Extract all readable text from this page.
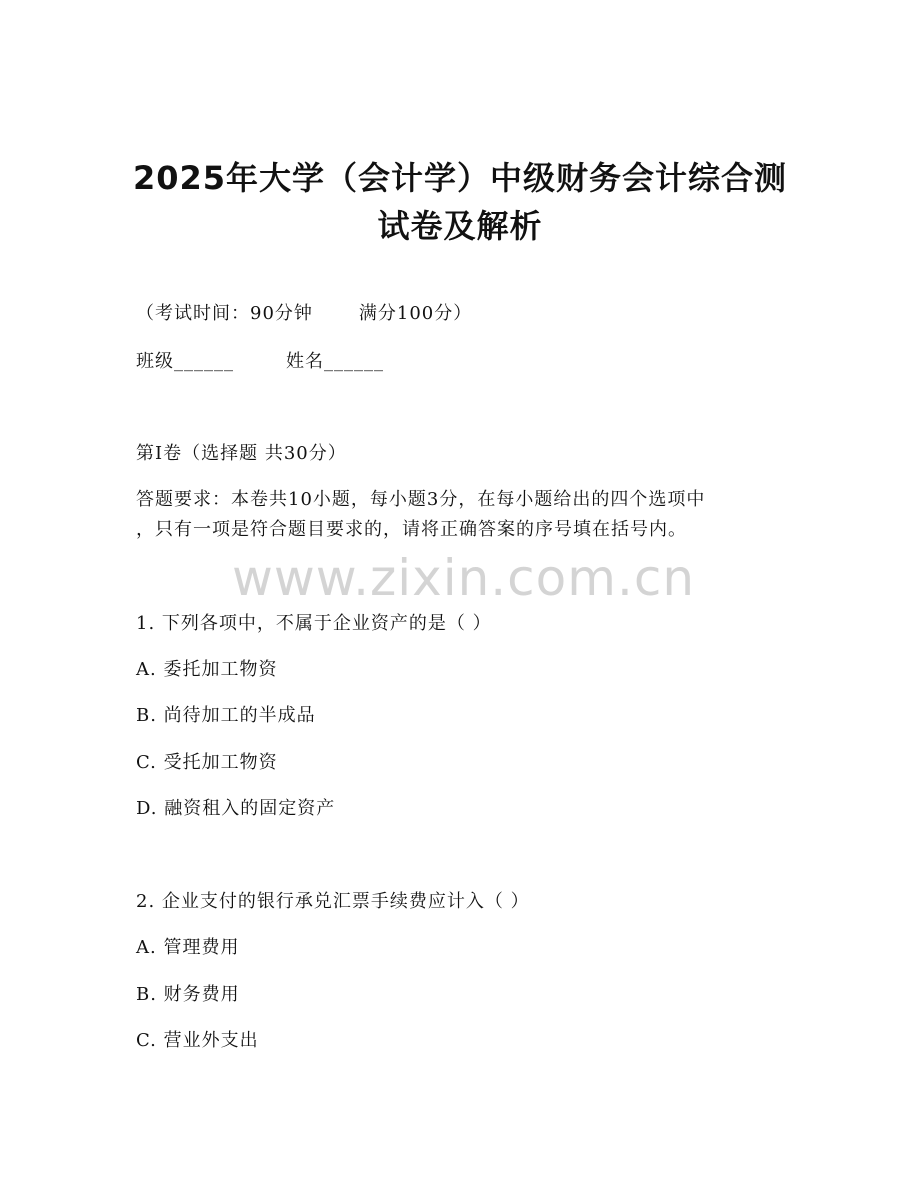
2025年大学（会计学）中级财务会计综合测
试卷及解析

（考试时间：90分钟	满分100分）

班级______	姓名______

第I卷（选择题 共30分）

答题要求：本卷共10小题，每小题3分，在每小题给出的四个选项中

，只有一项是符合题目要求的，请将正确答案的序号填在括号内。

www.zixin.com.cn

1. 下列各项中，不属于企业资产的是（ ）

A. 委托加工物资

B. 尚待加工的半成品

C. 受托加工物资

D. 融资租入的固定资产

2. 企业支付的银行承兑汇票手续费应计入（ ）

A. 管理费用

B. 财务费用

C. 营业外支出
